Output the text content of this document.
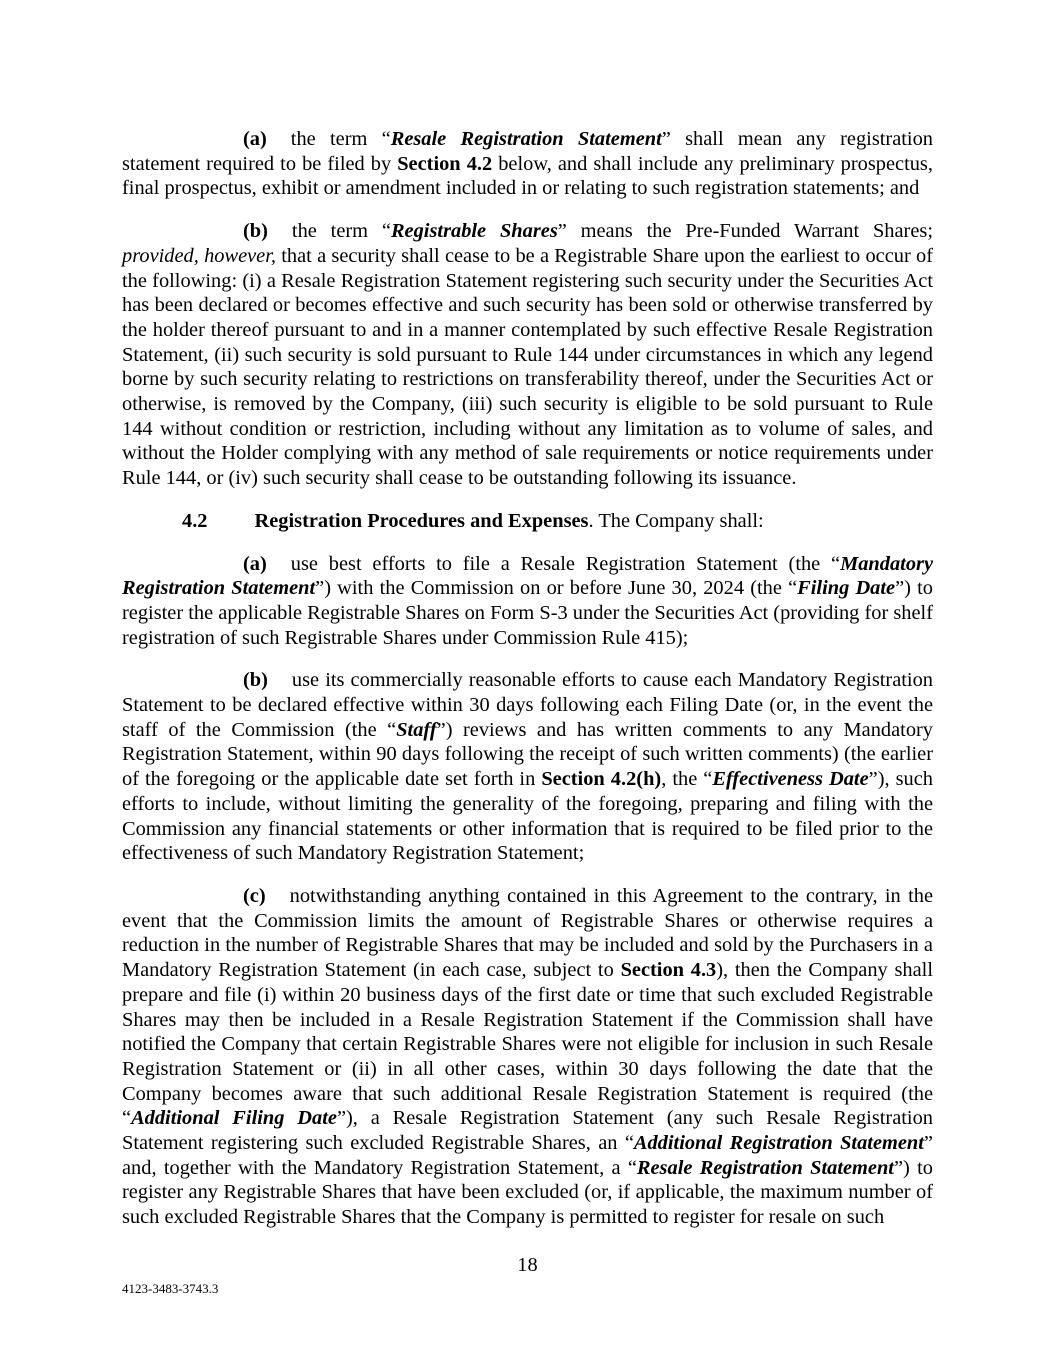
(a) the term “Resale Registration Statement” shall mean any registration statement required to be filed by Section 4.2 below, and shall include any preliminary prospectus, final prospectus, exhibit or amendment included in or relating to such registration statements; and

(b) the term “Registrable Shares” means the Pre-Funded Warrant Shares; provided, however, that a security shall cease to be a Registrable Share upon the earliest to occur of the following: (i) a Resale Registration Statement registering such security under the Securities Act has been declared or becomes effective and such security has been sold or otherwise transferred by the holder thereof pursuant to and in a manner contemplated by such effective Resale Registration Statement, (ii) such security is sold pursuant to Rule 144 under circumstances in which any legend borne by such security relating to restrictions on transferability thereof, under the Securities Act or otherwise, is removed by the Company, (iii) such security is eligible to be sold pursuant to Rule 144 without condition or restriction, including without any limitation as to volume of sales, and without the Holder complying with any method of sale requirements or notice requirements under Rule 144, or (iv) such security shall cease to be outstanding following its issuance.

4.2 Registration Procedures and Expenses. The Company shall:

(a) use best efforts to file a Resale Registration Statement (the “Mandatory Registration Statement”) with the Commission on or before June 30, 2024 (the “Filing Date”) to register the applicable Registrable Shares on Form S-3 under the Securities Act (providing for shelf registration of such Registrable Shares under Commission Rule 415);

(b) use its commercially reasonable efforts to cause each Mandatory Registration Statement to be declared effective within 30 days following each Filing Date (or, in the event the staff of the Commission (the “Staff”) reviews and has written comments to any Mandatory Registration Statement, within 90 days following the receipt of such written comments) (the earlier of the foregoing or the applicable date set forth in Section 4.2(h), the “Effectiveness Date”), such efforts to include, without limiting the generality of the foregoing, preparing and filing with the Commission any financial statements or other information that is required to be filed prior to the effectiveness of such Mandatory Registration Statement;

(c) notwithstanding anything contained in this Agreement to the contrary, in the event that the Commission limits the amount of Registrable Shares or otherwise requires a reduction in the number of Registrable Shares that may be included and sold by the Purchasers in a Mandatory Registration Statement (in each case, subject to Section 4.3), then the Company shall prepare and file (i) within 20 business days of the first date or time that such excluded Registrable Shares may then be included in a Resale Registration Statement if the Commission shall have notified the Company that certain Registrable Shares were not eligible for inclusion in such Resale Registration Statement or (ii) in all other cases, within 30 days following the date that the Company becomes aware that such additional Resale Registration Statement is required (the “Additional Filing Date”), a Resale Registration Statement (any such Resale Registration Statement registering such excluded Registrable Shares, an “Additional Registration Statement” and, together with the Mandatory Registration Statement, a “Resale Registration Statement”) to register any Registrable Shares that have been excluded (or, if applicable, the maximum number of such excluded Registrable Shares that the Company is permitted to register for resale on such

18
4123-3483-3743.3
